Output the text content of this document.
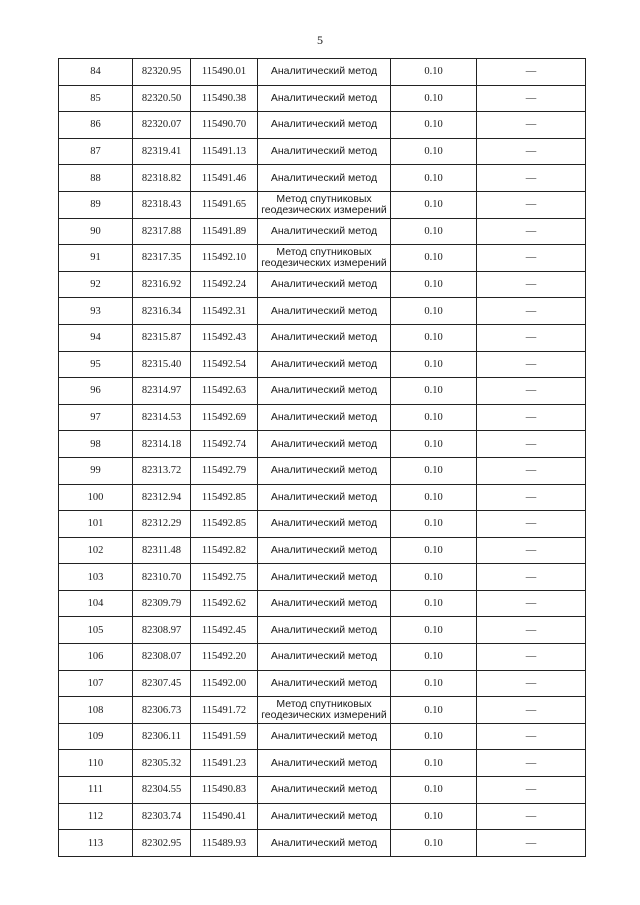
5
84	82320.95	115490.01	Аналитический метод	0.10	—
85	82320.50	115490.38	Аналитический метод	0.10	—
86	82320.07	115490.70	Аналитический метод	0.10	—
87	82319.41	115491.13	Аналитический метод	0.10	—
88	82318.82	115491.46	Аналитический метод	0.10	—
89	82318.43	115491.65	Метод спутниковых геодезических измерений	0.10	—
90	82317.88	115491.89	Аналитический метод	0.10	—
91	82317.35	115492.10	Метод спутниковых геодезических измерений	0.10	—
92	82316.92	115492.24	Аналитический метод	0.10	—
93	82316.34	115492.31	Аналитический метод	0.10	—
94	82315.87	115492.43	Аналитический метод	0.10	—
95	82315.40	115492.54	Аналитический метод	0.10	—
96	82314.97	115492.63	Аналитический метод	0.10	—
97	82314.53	115492.69	Аналитический метод	0.10	—
98	82314.18	115492.74	Аналитический метод	0.10	—
99	82313.72	115492.79	Аналитический метод	0.10	—
100	82312.94	115492.85	Аналитический метод	0.10	—
101	82312.29	115492.85	Аналитический метод	0.10	—
102	82311.48	115492.82	Аналитический метод	0.10	—
103	82310.70	115492.75	Аналитический метод	0.10	—
104	82309.79	115492.62	Аналитический метод	0.10	—
105	82308.97	115492.45	Аналитический метод	0.10	—
106	82308.07	115492.20	Аналитический метод	0.10	—
107	82307.45	115492.00	Аналитический метод	0.10	—
108	82306.73	115491.72	Метод спутниковых геодезических измерений	0.10	—
109	82306.11	115491.59	Аналитический метод	0.10	—
110	82305.32	115491.23	Аналитический метод	0.10	—
111	82304.55	115490.83	Аналитический метод	0.10	—
112	82303.74	115490.41	Аналитический метод	0.10	—
113	82302.95	115489.93	Аналитический метод	0.10	—
